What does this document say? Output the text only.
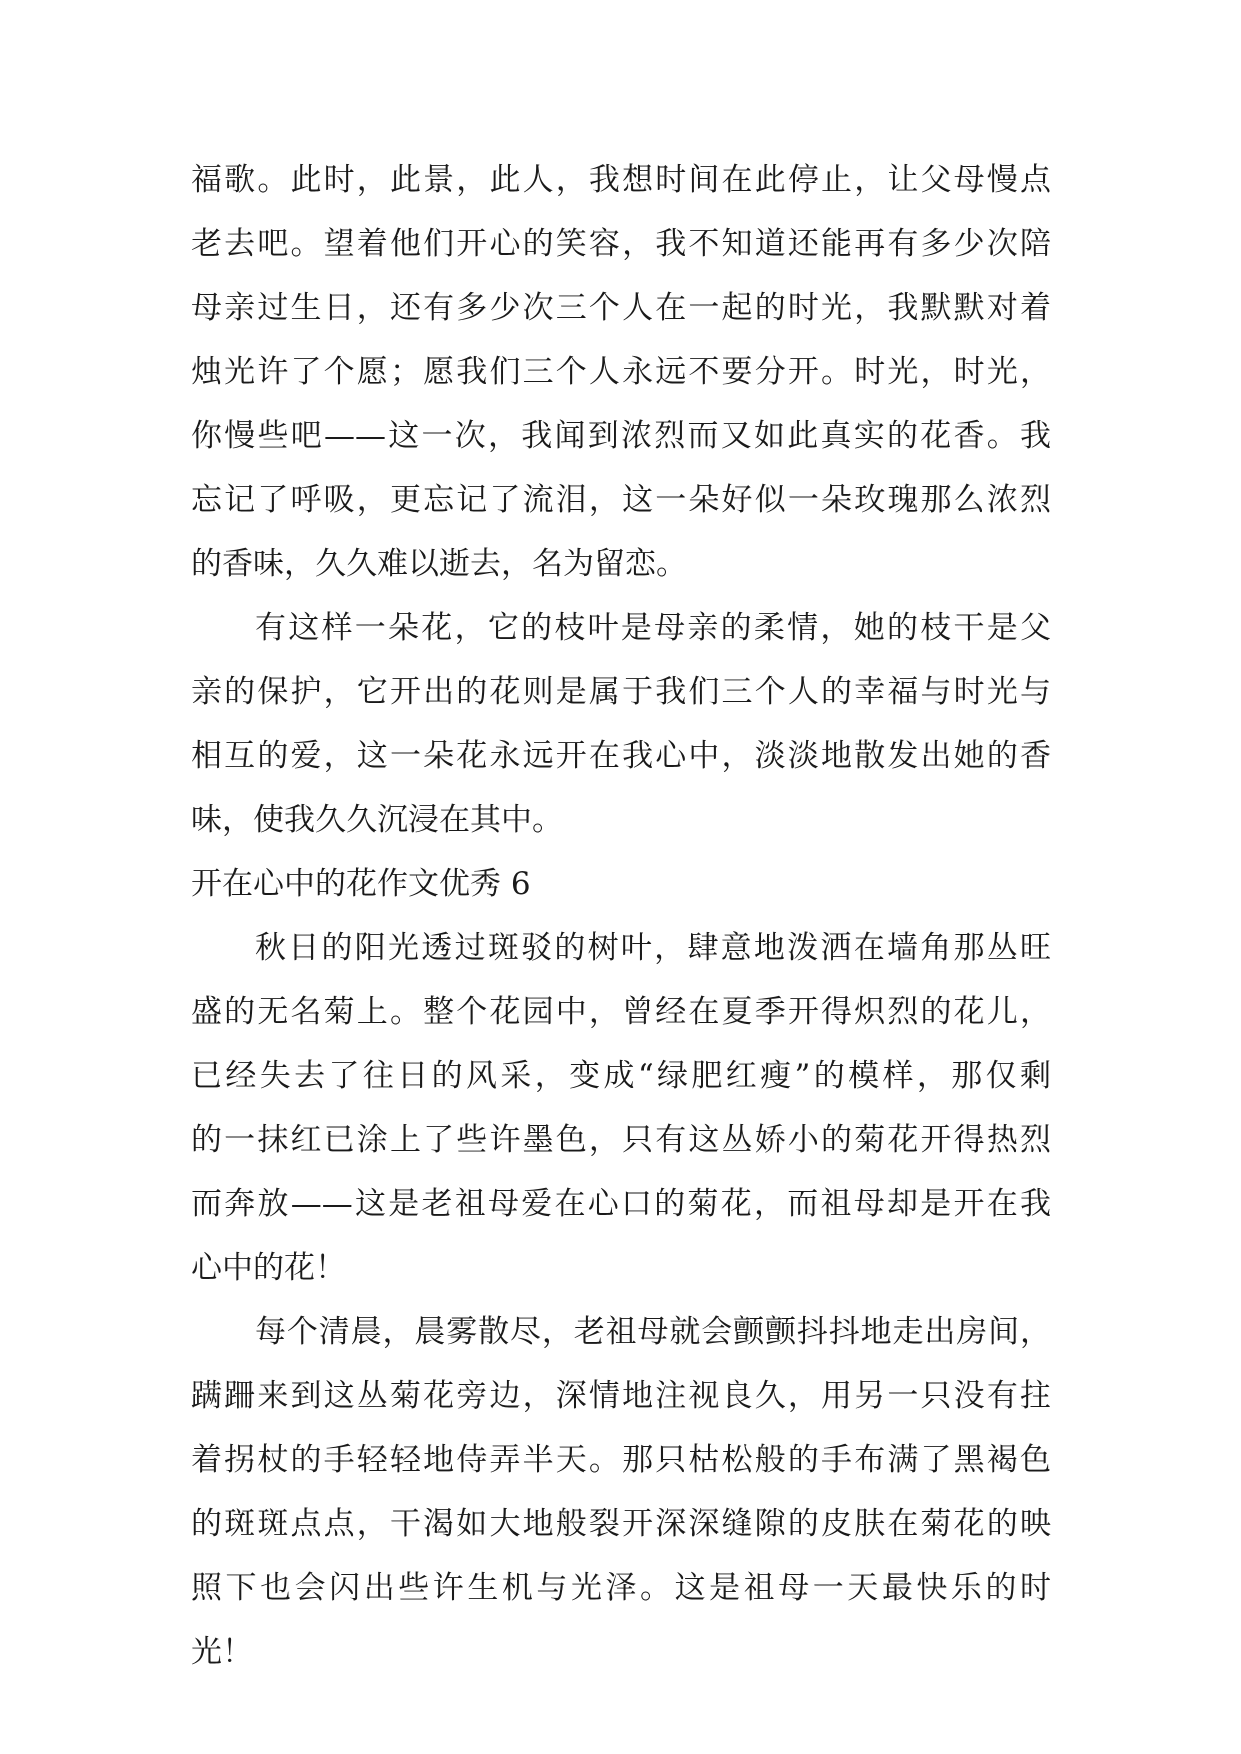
福歌。此时，此景，此人，我想时间在此停止，让父母慢点
老去吧。望着他们开心的笑容，我不知道还能再有多少次陪
母亲过生日，还有多少次三个人在一起的时光，我默默对着
烛光许了个愿；愿我们三个人永远不要分开。时光，时光，
你慢些吧——这一次，我闻到浓烈而又如此真实的花香。我
忘记了呼吸，更忘记了流泪，这一朵好似一朵玫瑰那么浓烈
的香味，久久难以逝去，名为留恋。
有这样一朵花，它的枝叶是母亲的柔情，她的枝干是父
亲的保护，它开出的花则是属于我们三个人的幸福与时光与
相互的爱，这一朵花永远开在我心中，淡淡地散发出她的香
味，使我久久沉浸在其中。
开在心中的花作文优秀 6
秋日的阳光透过斑驳的树叶，肆意地泼洒在墙角那丛旺
盛的无名菊上。整个花园中，曾经在夏季开得炽烈的花儿，
已经失去了往日的风采，变成“绿肥红瘦”的模样，那仅剩
的一抹红已涂上了些许墨色，只有这丛娇小的菊花开得热烈
而奔放——这是老祖母爱在心口的菊花，而祖母却是开在我
心中的花！
每个清晨，晨雾散尽，老祖母就会颤颤抖抖地走出房间，
蹒跚来到这丛菊花旁边，深情地注视良久，用另一只没有拄
着拐杖的手轻轻地侍弄半天。那只枯松般的手布满了黑褐色
的斑斑点点，干渴如大地般裂开深深缝隙的皮肤在菊花的映
照下也会闪出些许生机与光泽。这是祖母一天最快乐的时
光！
